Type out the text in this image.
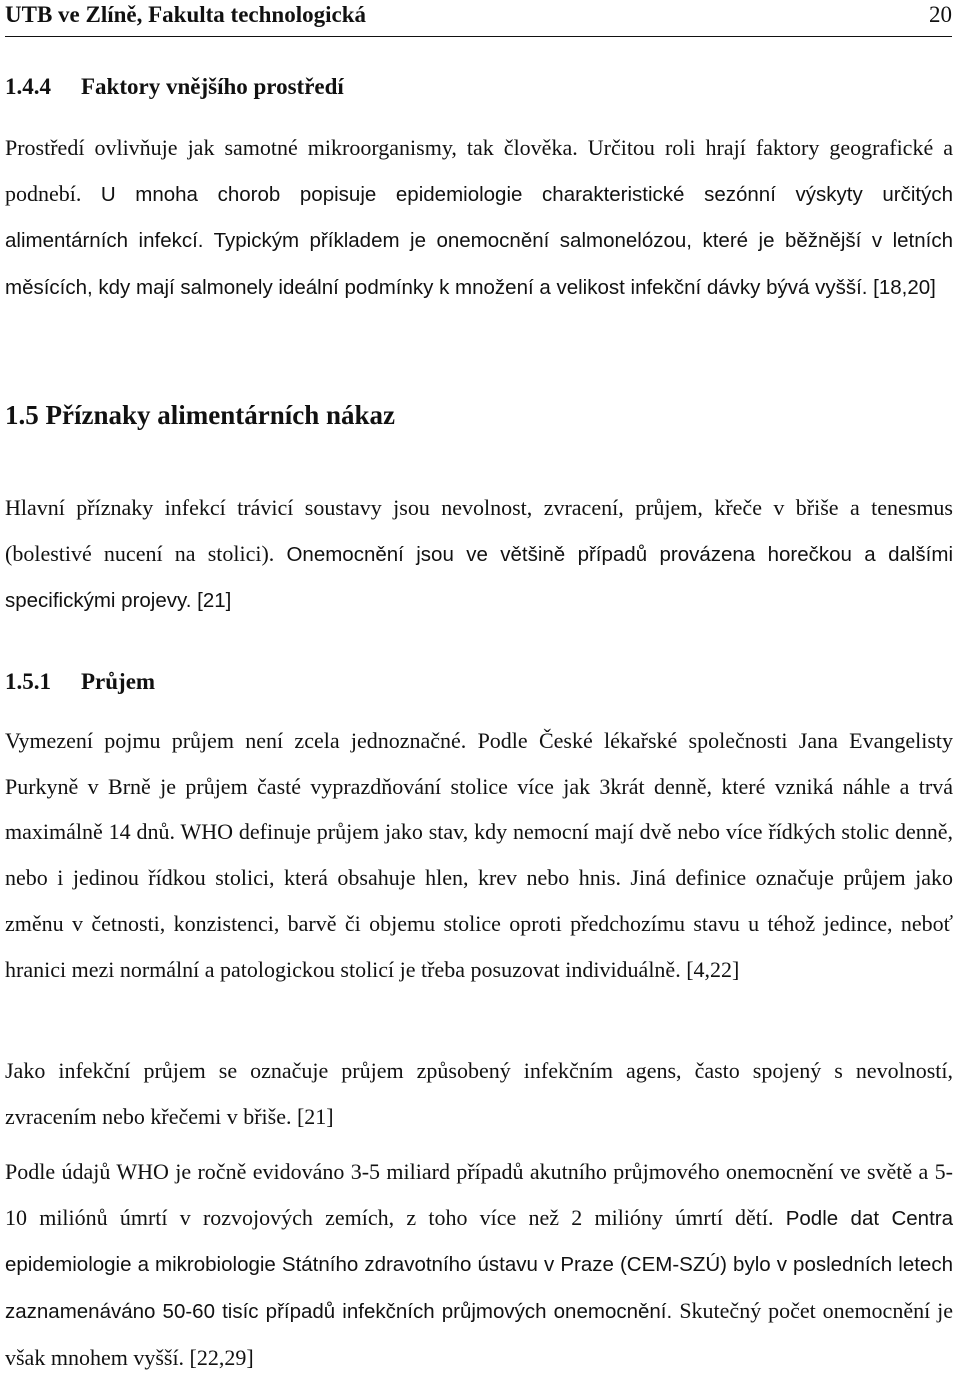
UTB ve Zlíně, Fakulta technologická	20
1.4.4 Faktory vnějšího prostředí
Prostředí ovlivňuje jak samotné mikroorganismy, tak člověka. Určitou roli hrají faktory geografické a podnebí. U mnoha chorob popisuje epidemiologie charakteristické sezónní výskyty určitých alimentárních infekcí. Typickým příkladem je onemocnění salmonelózou, které je běžnější v letních měsících, kdy mají salmonely ideální podmínky k množení a velikost infekční dávky bývá vyšší. [18,20]
1.5 Příznaky alimentárních nákaz
Hlavní příznaky infekcí trávicí soustavy jsou nevolnost, zvracení, průjem, křeče v břiše a tenesmus (bolestivé nucení na stolici). Onemocnění jsou ve většině případů provázena horečkou a dalšími specifickými projevy. [21]
1.5.1 Průjem
Vymezení pojmu průjem není zcela jednoznačné. Podle České lékařské společnosti Jana Evangelisty Purkyně v Brně je průjem časté vyprazdňování stolice více jak 3krát denně, které vzniká náhle a trvá maximálně 14 dnů. WHO definuje průjem jako stav, kdy nemocní mají dvě nebo více řídkých stolic denně, nebo i jedinou řídkou stolici, která obsahuje hlen, krev nebo hnis. Jiná definice označuje průjem jako změnu v četnosti, konzistenci, barvě či objemu stolice oproti předchozímu stavu u téhož jedince, neboť hranici mezi normální a patologickou stolicí je třeba posuzovat individuálně. [4,22]
Jako infekční průjem se označuje průjem způsobený infekčním agens, často spojený s nevolností, zvracením nebo křečemi v břiše. [21]
Podle údajů WHO je ročně evidováno 3-5 miliard případů akutního průjmového onemocnění ve světě a 5-10 miliónů úmrtí v rozvojových zemích, z toho více než 2 milióny úmrtí dětí. Podle dat Centra epidemiologie a mikrobiologie Státního zdravotního ústavu v Praze (CEM-SZÚ) bylo v posledních letech zaznamenáváno 50-60 tisíc případů infekčních průjmových onemocnění. Skutečný počet onemocnění je však mnohem vyšší. [22,29]
